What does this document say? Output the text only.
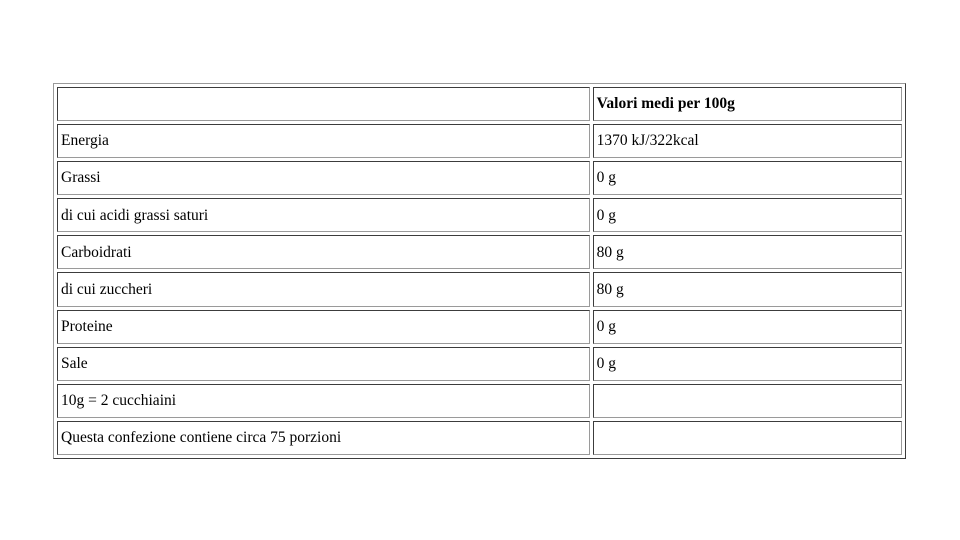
	Valori medi per 100g
Energia	1370 kJ/322kcal
Grassi	0 g
di cui acidi grassi saturi	0 g
Carboidrati	80 g
di cui zuccheri	80 g
Proteine	0 g
Sale	0 g
10g = 2 cucchiaini	
Questa confezione contiene circa 75 porzioni	
